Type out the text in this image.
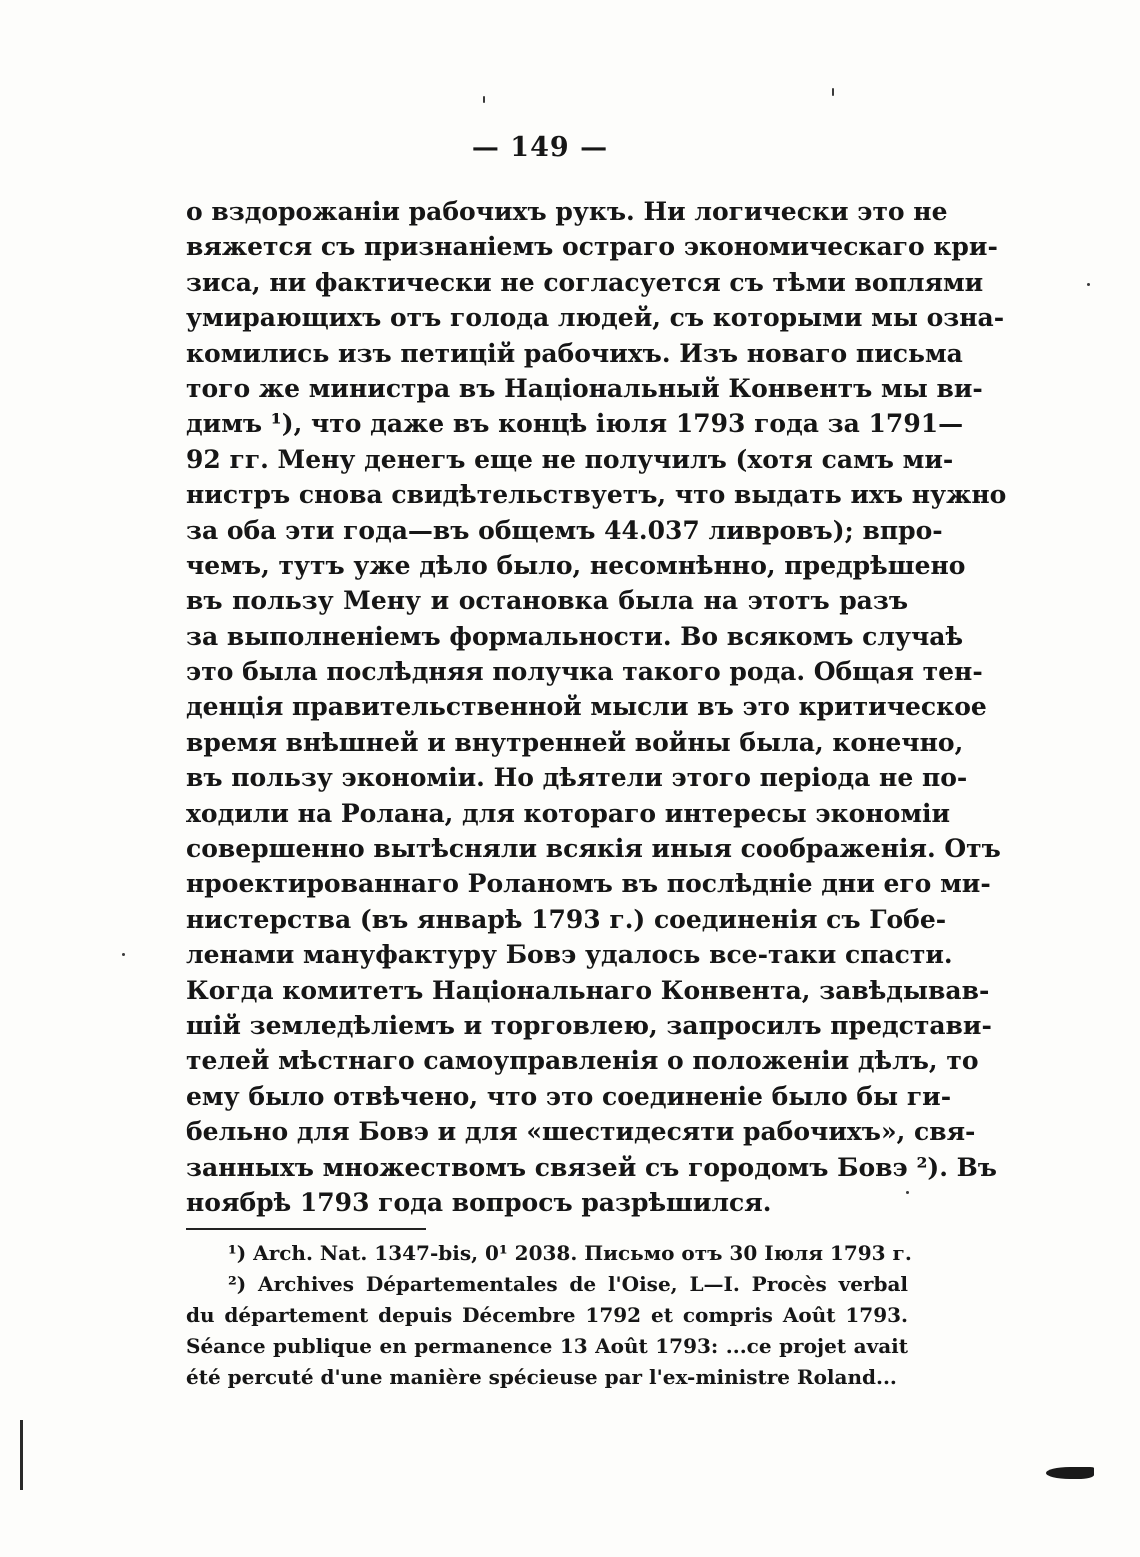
— 149 —
о вздорожаніи рабочихъ рукъ. Ни логически это не
вяжется съ признаніемъ остраго экономическаго кри-
зиса, ни фактически не согласуется съ тѣми воплями
умирающихъ отъ голода людей, съ которыми мы озна-
комились изъ петицій рабочихъ. Изъ новаго письма
того же министра въ Національный Конвентъ мы ви-
димъ ¹), что даже въ концѣ іюля 1793 года за 1791—
92 гг. Мену денегъ еще не получилъ (хотя самъ ми-
нистръ снова свидѣтельствуетъ, что выдать ихъ нужно
за оба эти года—въ общемъ 44.037 ливровъ); впро-
чемъ, тутъ уже дѣло было, несомнѣнно, предрѣшено
въ пользу Мену и остановка была на этотъ разъ
за выполненіемъ формальности. Во всякомъ случаѣ
это была послѣдняя получка такого рода. Общая тен-
денція правительственной мысли въ это критическое
время внѣшней и внутренней войны была, конечно,
въ пользу экономіи. Но дѣятели этого періода не по-
ходили на Ролана, для котораго интересы экономіи
совершенно вытѣсняли всякія иныя соображенія. Отъ
нроектированнаго Роланомъ въ послѣдніе дни его ми-
нистерства (въ январѣ 1793 г.) соединенія съ Гобе-
ленами мануфактуру Бовэ удалось все-таки спасти.
Когда комитетъ Національнаго Конвента, завѣдывав-
шій земледѣліемъ и торговлею, запросилъ представи-
телей мѣстнаго самоуправленія о положеніи дѣлъ, то
ему было отвѣчено, что это соединеніе было бы ги-
бельно для Бовэ и для «шестидесяти рабочихъ», свя-
занныхъ множествомъ связей съ городомъ Бовэ ²). Въ
ноябрѣ 1793 года вопросъ разрѣшился.
¹) Arch. Nat. 1347-bis, 0¹ 2038. Письмо отъ 30 Іюля 1793 г.
²) Archives Départementales de l'Oise, L—I. Procès verbal
du département depuis Décembre 1792 et compris Août 1793.
Séance publique en permanence 13 Août 1793: ...ce projet avait
été percuté d'une manière spécieuse par l'ex-ministre Roland...
